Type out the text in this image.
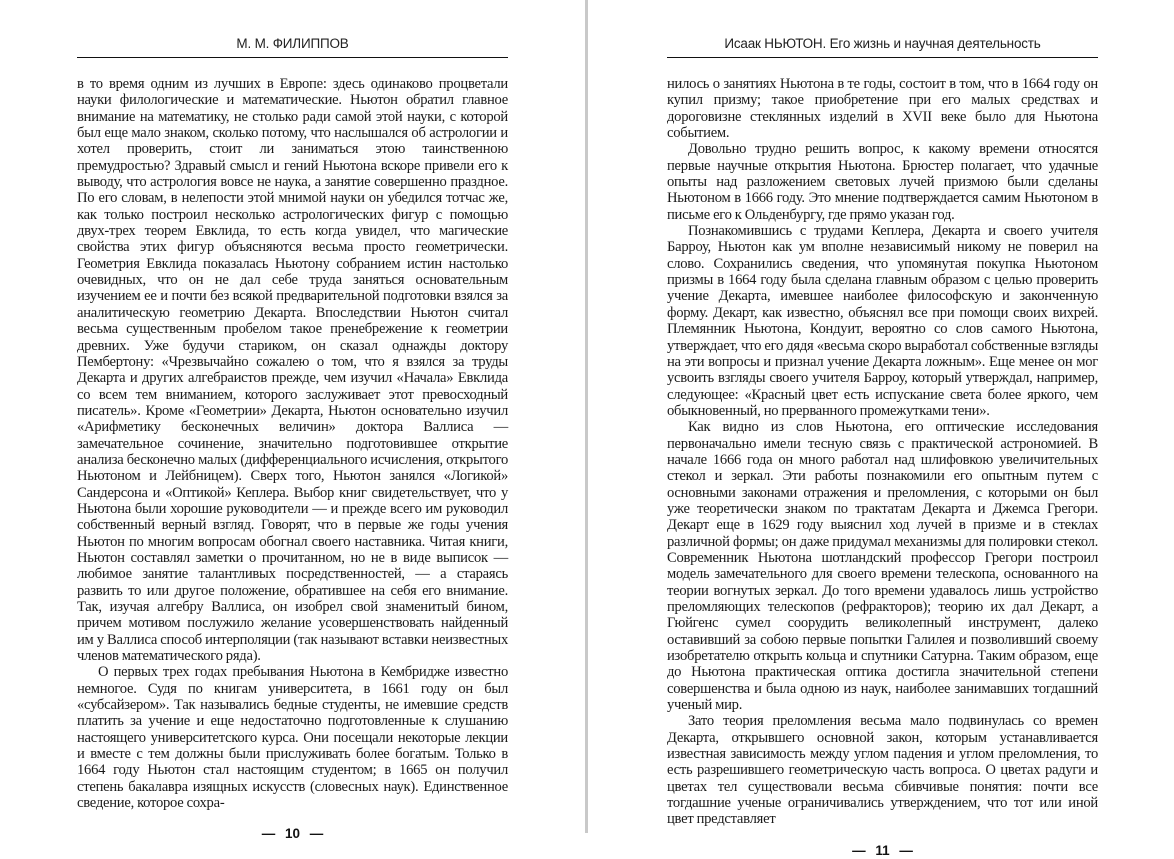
М. М. ФИЛИППОВ

в то время одним из лучших в Европе: здесь одинаково процветали науки филологические и математические. Ньютон обратил главное внимание на математику, не столько ради самой этой науки, с которой был еще мало знаком, сколько потому, что наслышался об астрологии и хотел проверить, стоит ли заниматься этою таинственною премудростью? Здравый смысл и гений Ньютона вскоре привели его к выводу, что астрология вовсе не наука, а занятие совершенно праздное. По его словам, в нелепости этой мнимой науки он убедился тотчас же, как только построил несколько астрологических фигур с помощью двух-трех теорем Евклида, то есть когда увидел, что магические свойства этих фигур объясняются весьма просто геометрически. Геометрия Евклида показалась Ньютону собранием истин настолько очевидных, что он не дал себе труда заняться основательным изучением ее и почти без всякой предварительной подготовки взялся за аналитическую геометрию Декарта. Впоследствии Ньютон считал весьма существенным пробелом такое пренебрежение к геометрии древних. Уже будучи стариком, он сказал однажды доктору Пембертону: «Чрезвычайно сожалею о том, что я взялся за труды Декарта и других алгебраистов прежде, чем изучил «Начала» Евклида со всем тем вниманием, которого заслуживает этот превосходный писатель». Кроме «Геометрии» Декарта, Ньютон основательно изучил «Арифметику бесконечных величин» доктора Валлиса — замечательное сочинение, значительно подготовившее открытие анализа бесконечно малых (дифференциального исчисления, открытого Ньютоном и Лейбницем). Сверх того, Ньютон занялся «Логикой» Сандерсона и «Оптикой» Кеплера. Выбор книг свидетельствует, что у Ньютона были хорошие руководители — и прежде всего им руководил собственный верный взгляд. Говорят, что в первые же годы учения Ньютон по многим вопросам обогнал своего наставника. Читая книги, Ньютон составлял заметки о прочитанном, но не в виде выписок — любимое занятие талантливых посредственностей, — а стараясь развить то или другое положение, обратившее на себя его внимание. Так, изучая алгебру Валлиса, он изобрел свой знаменитый бином, причем мотивом послужило желание усовершенствовать найденный им у Валлиса способ интерполяции (так называют вставки неизвестных членов математического ряда).

О первых трех годах пребывания Ньютона в Кембридже известно немногое. Судя по книгам университета, в 1661 году он был «субсайзером». Так назывались бедные студенты, не имевшие средств платить за учение и еще недостаточно подготовленные к слушанию настоящего университетского курса. Они посещали некоторые лекции и вместе с тем должны были прислуживать более богатым. Только в 1664 году Ньютон стал настоящим студентом; в 1665 он получил степень бакалавра изящных искусств (словесных наук). Единственное сведение, которое сохра-

— 10 —
Исаак НЬЮТОН. Его жизнь и научная деятельность

нилось о занятиях Ньютона в те годы, состоит в том, что в 1664 году он купил призму; такое приобретение при его малых средствах и дороговизне стеклянных изделий в XVII веке было для Ньютона событием.

Довольно трудно решить вопрос, к какому времени относятся первые научные открытия Ньютона. Брюстер полагает, что удачные опыты над разложением световых лучей призмою были сделаны Ньютоном в 1666 году. Это мнение подтверждается самим Ньютоном в письме его к Ольденбургу, где прямо указан год.

Познакомившись с трудами Кеплера, Декарта и своего учителя Барроу, Ньютон как ум вполне независимый никому не поверил на слово. Сохранились сведения, что упомянутая покупка Ньютоном призмы в 1664 году была сделана главным образом с целью проверить учение Декарта, имевшее наиболее философскую и законченную форму. Декарт, как известно, объяснял все при помощи своих вихрей. Племянник Ньютона, Кондуит, вероятно со слов самого Ньютона, утверждает, что его дядя «весьма скоро выработал собственные взгляды на эти вопросы и признал учение Декарта ложным». Еще менее он мог усвоить взгляды своего учителя Барроу, который утверждал, например, следующее: «Красный цвет есть испускание света более яркого, чем обыкновенный, но прерванного промежутками тени».

Как видно из слов Ньютона, его оптические исследования первоначально имели тесную связь с практической астрономией. В начале 1666 года он много работал над шлифовкою увеличительных стекол и зеркал. Эти работы познакомили его опытным путем с основными законами отражения и преломления, с которыми он был уже теоретически знаком по трактатам Декарта и Джемса Грегори. Декарт еще в 1629 году выяснил ход лучей в призме и в стеклах различной формы; он даже придумал механизмы для полировки стекол. Современник Ньютона шотландский профессор Грегори построил модель замечательного для своего времени телескопа, основанного на теории вогнутых зеркал. До того времени удавалось лишь устройство преломляющих телескопов (рефракторов); теорию их дал Декарт, а Гюйгенс сумел соорудить великолепный инструмент, далеко оставивший за собою первые попытки Галилея и позволивший своему изобретателю открыть кольца и спутники Сатурна. Таким образом, еще до Ньютона практическая оптика достигла значительной степени совершенства и была одною из наук, наиболее занимавших тогдашний ученый мир.

Зато теория преломления весьма мало подвинулась со времен Декарта, открывшего основной закон, которым устанавливается известная зависимость между углом падения и углом преломления, то есть разрешившего геометрическую часть вопроса. О цветах радуги и цветах тел существовали весьма сбивчивые понятия: почти все тогдашние ученые ограничивались утверждением, что тот или иной цвет представляет

— 11 —
